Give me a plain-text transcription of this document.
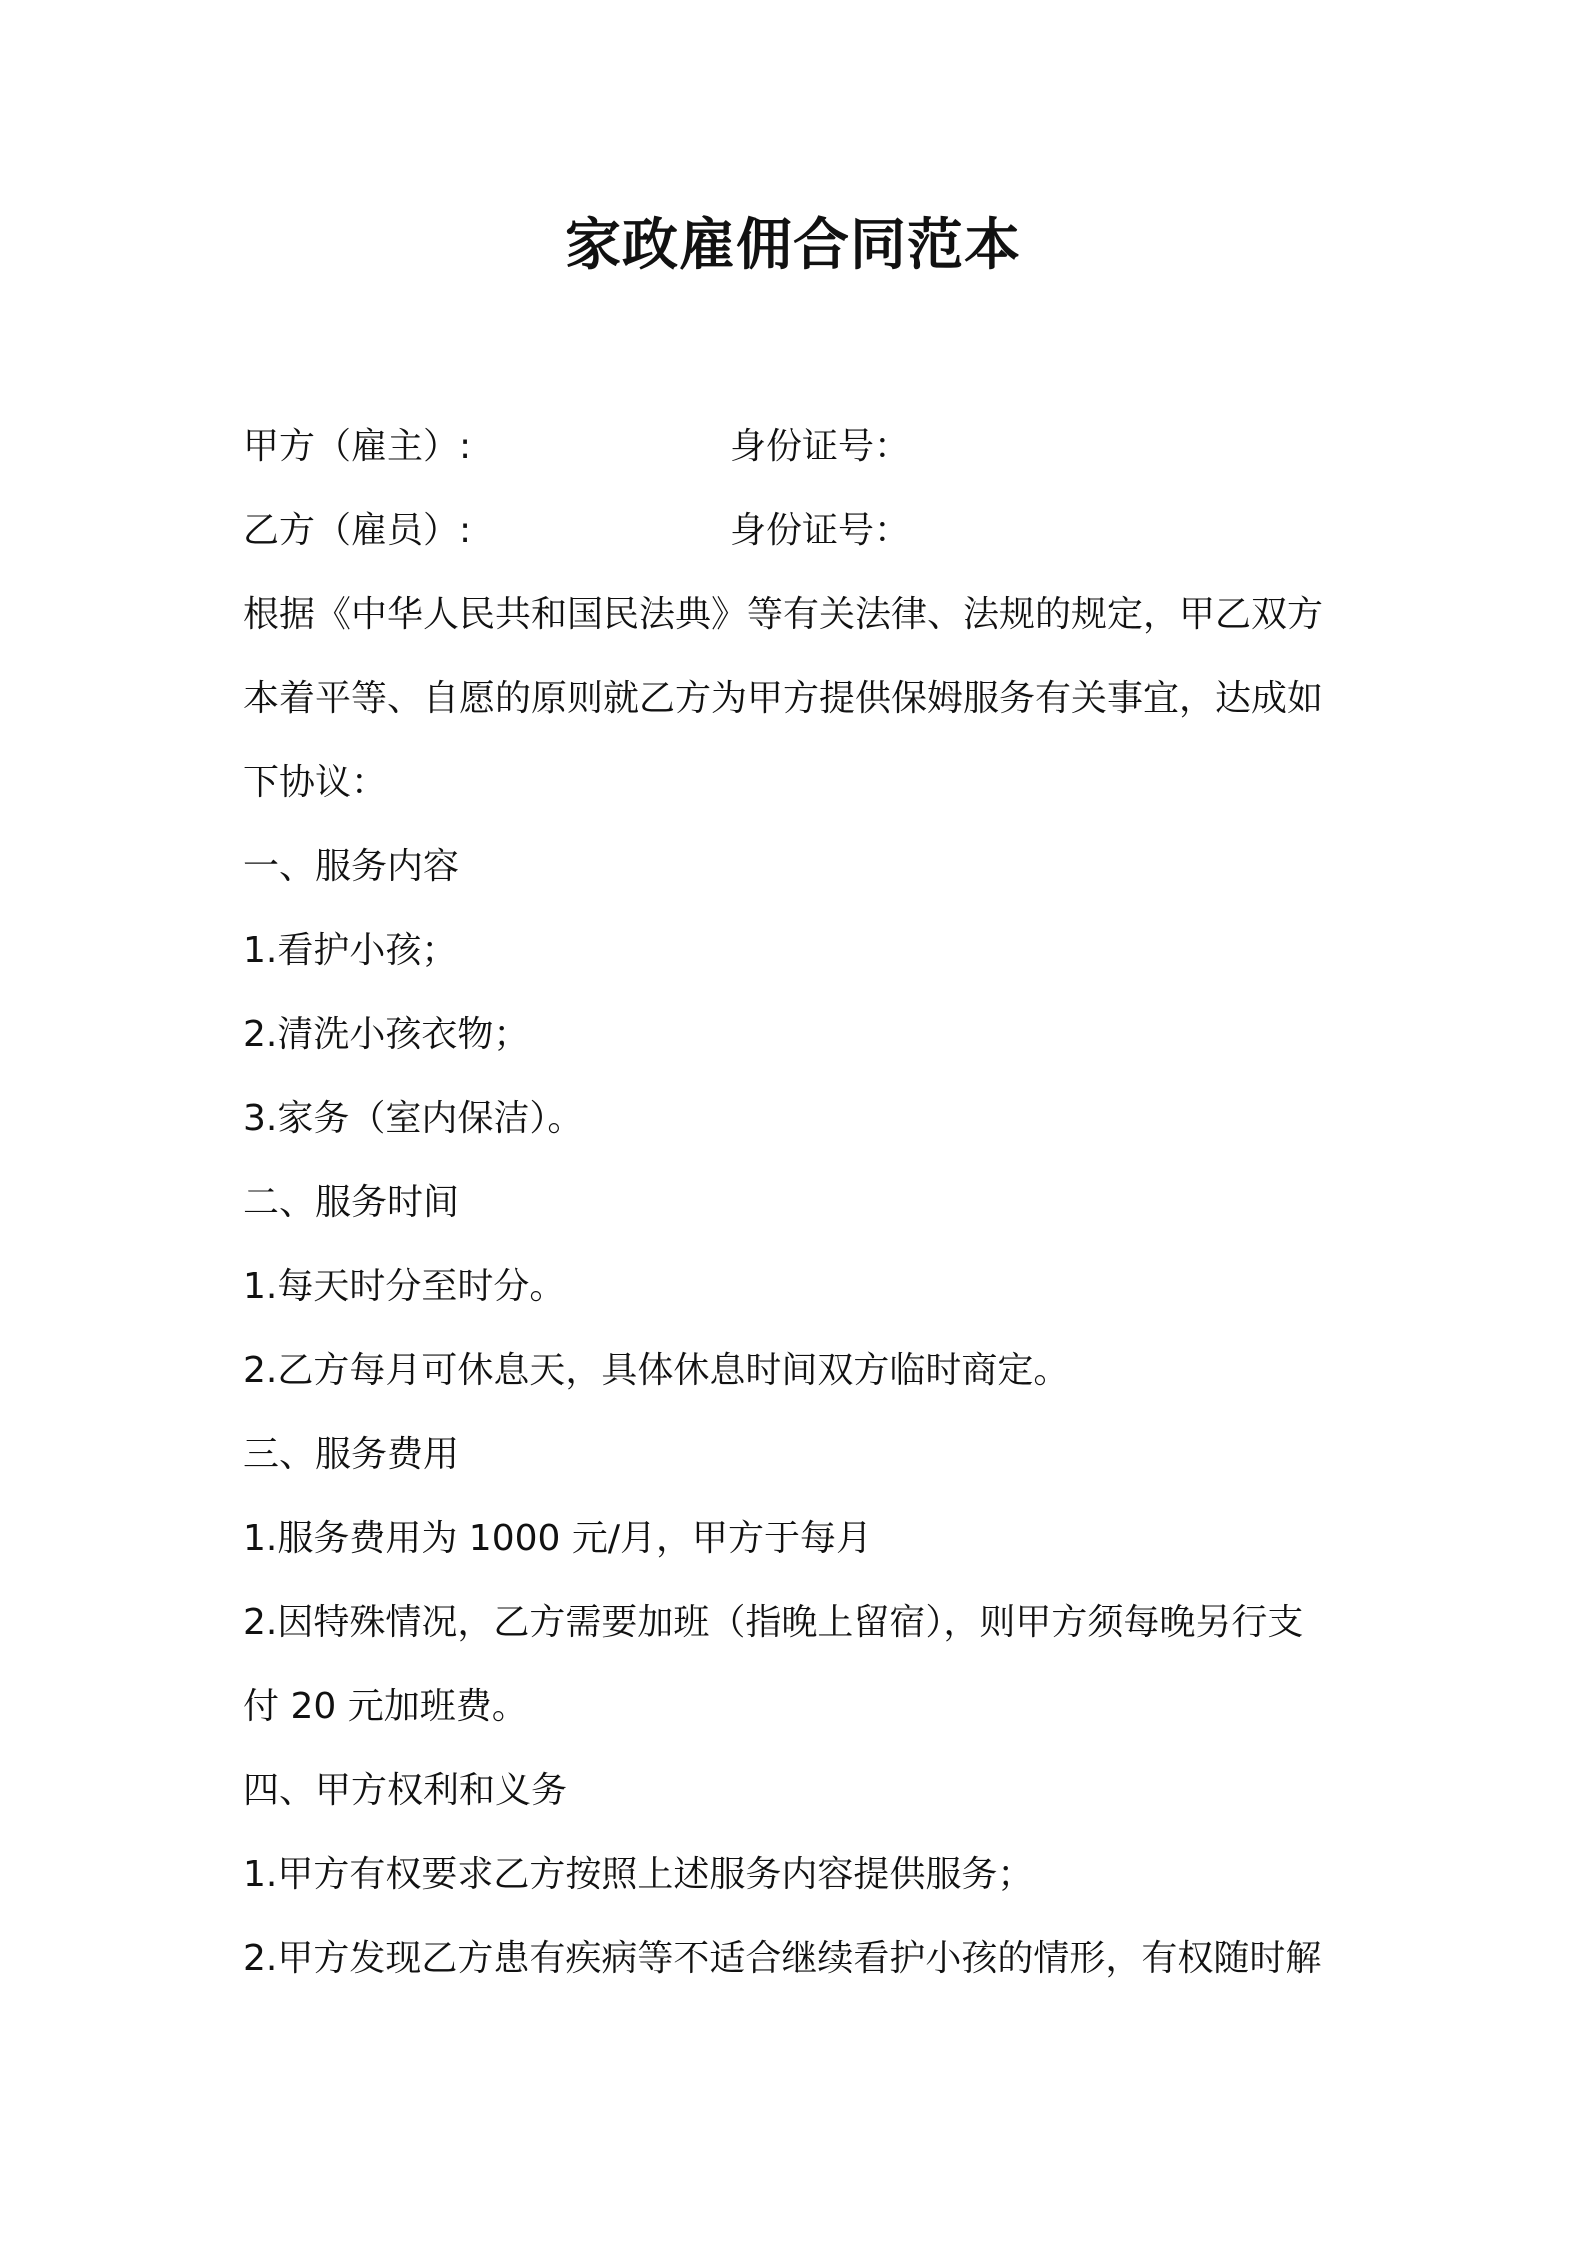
家政雇佣合同范本
甲方（雇主）:	身份证号：
乙方（雇员）:	身份证号：

根据《中华人民共和国民法典》等有关法律、法规的规定，甲乙双方

本着平等、自愿的原则就乙方为甲方提供保姆服务有关事宜，达成如

下协议：

一、服务内容

1.看护小孩；

2.清洗小孩衣物；

3.家务（室内保洁）。

二、服务时间

1.每天时分至时分。

2.乙方每月可休息天，具体休息时间双方临时商定。

三、服务费用

1.服务费用为 1000 元/月，甲方于每月

2.因特殊情况，乙方需要加班（指晚上留宿），则甲方须每晚另行支

付 20 元加班费。

四、甲方权利和义务

1.甲方有权要求乙方按照上述服务内容提供服务；

2.甲方发现乙方患有疾病等不适合继续看护小孩的情形，有权随时解
